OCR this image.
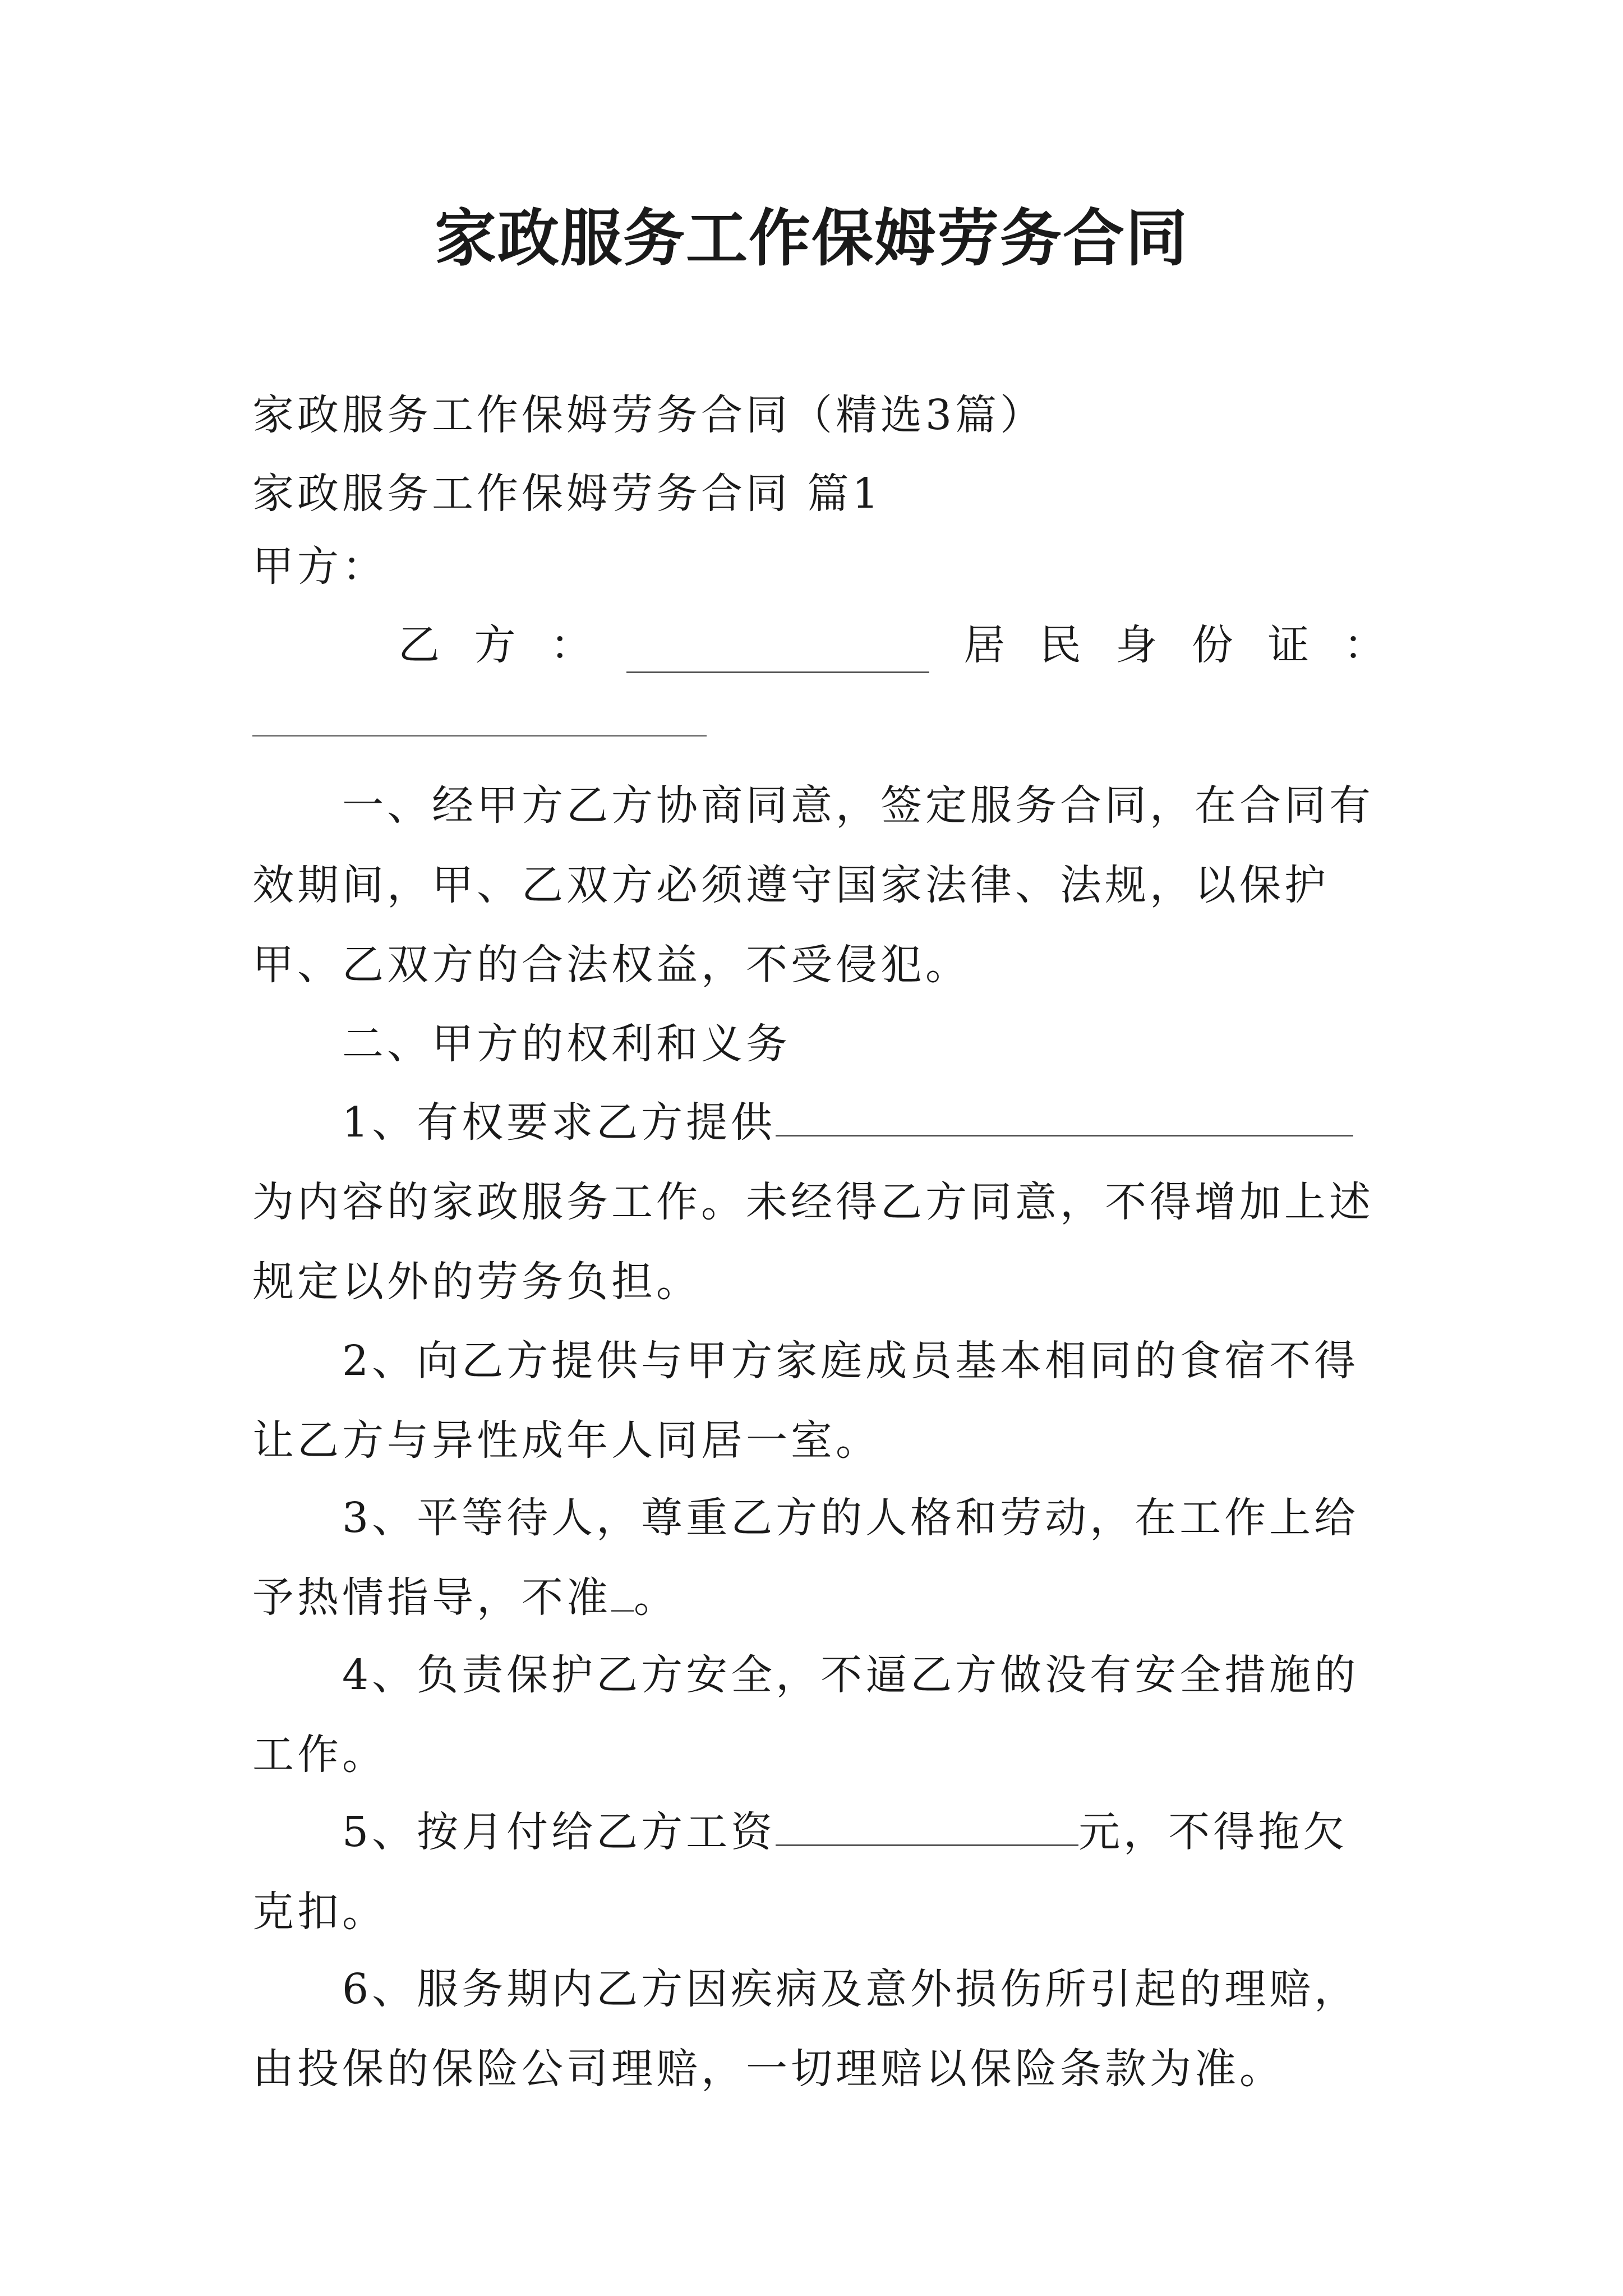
家政服务工作保姆劳务合同
家政服务工作保姆劳务合同（精选3篇）
家政服务工作保姆劳务合同 篇1
甲方：
乙 方 ：	居 民 身 份 证 ：

一、经甲方乙方协商同意，签定服务合同，在合同有效期间，甲、乙双方必须遵守国家法律、法规，以保护甲、乙双方的合法权益，不受侵犯。

二、甲方的权利和义务

1、有权要求乙方提供为内容的家政服务工作。未经得乙方同意，不得增加上述规定以外的劳务负担。

2、向乙方提供与甲方家庭成员基本相同的食宿不得让乙方与异性成年人同居一室。

3、平等待人，尊重乙方的人格和劳动，在工作上给予热情指导，不准 。

4、负责保护乙方安全，不逼乙方做没有安全措施的工作。

5、按月付给乙方工资	元，不得拖欠克扣。

6、服务期内乙方因疾病及意外损伤所引起的理赔，由投保的保险公司理赔，一切理赔以保险条款为准。
